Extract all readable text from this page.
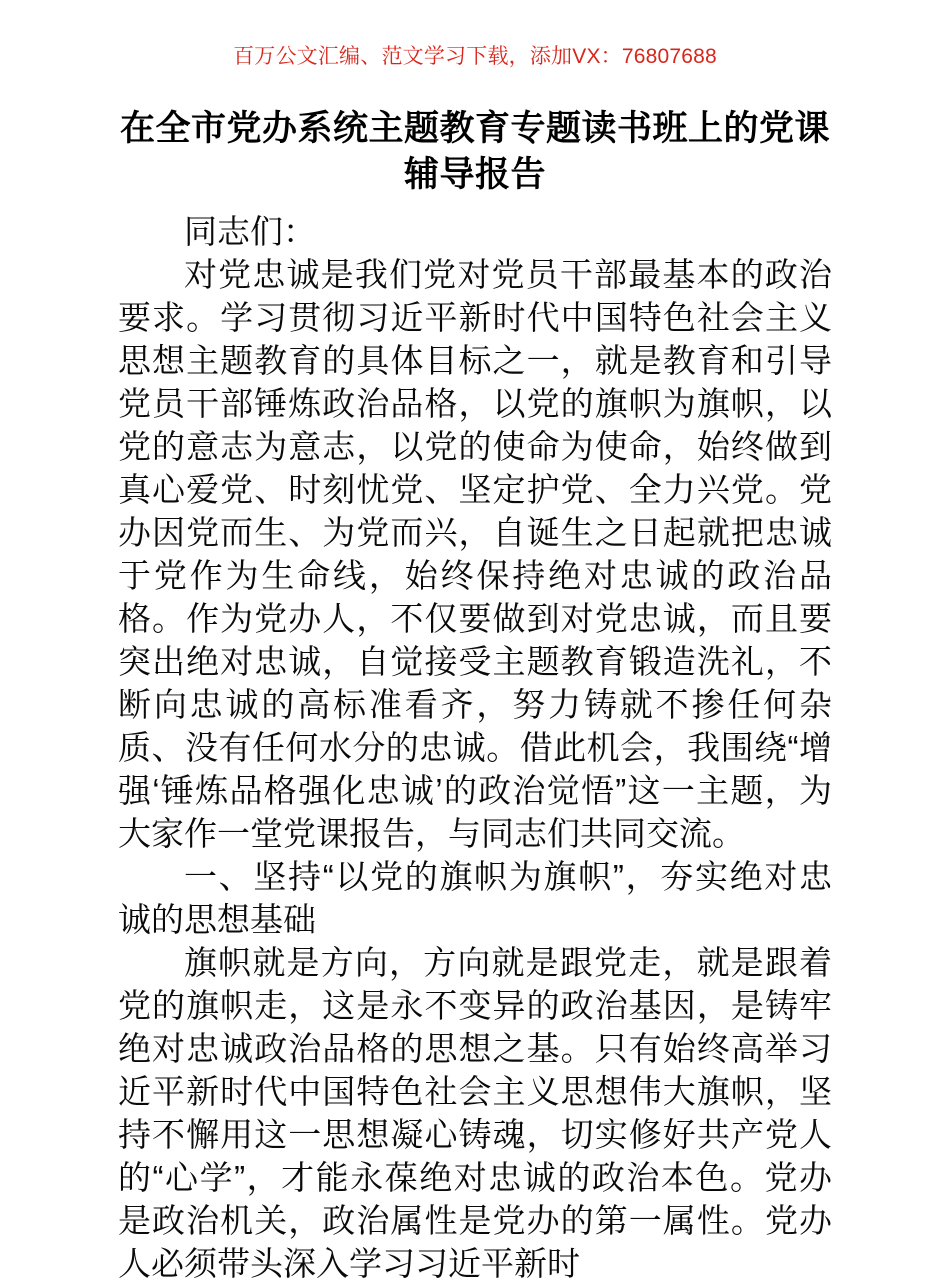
百万公文汇编、范文学习下载，添加VX：76807688
在全市党办系统主题教育专题读书班上的党课辅导报告

同志们：

对党忠诚是我们党对党员干部最基本的政治要求。学习贯彻习近平新时代中国特色社会主义思想主题教育的具体目标之一，就是教育和引导党员干部锤炼政治品格，以党的旗帜为旗帜，以党的意志为意志，以党的使命为使命，始终做到真心爱党、时刻忧党、坚定护党、全力兴党。党办因党而生、为党而兴，自诞生之日起就把忠诚于党作为生命线，始终保持绝对忠诚的政治品格。作为党办人，不仅要做到对党忠诚，而且要突出绝对忠诚，自觉接受主题教育锻造洗礼，不断向忠诚的高标准看齐，努力铸就不掺任何杂质、没有任何水分的忠诚。借此机会，我围绕“增强‘锤炼品格强化忠诚’的政治觉悟”这一主题，为大家作一堂党课报告，与同志们共同交流。

一、坚持“以党的旗帜为旗帜”，夯实绝对忠诚的思想基础

旗帜就是方向，方向就是跟党走，就是跟着党的旗帜走，这是永不变异的政治基因，是铸牢绝对忠诚政治品格的思想之基。只有始终高举习近平新时代中国特色社会主义思想伟大旗帜，坚持不懈用这一思想凝心铸魂，切实修好共产党人的“心学”，才能永葆绝对忠诚的政治本色。党办是政治机关，政治属性是党办的第一属性。党办人必须带头深入学习习近平新时
